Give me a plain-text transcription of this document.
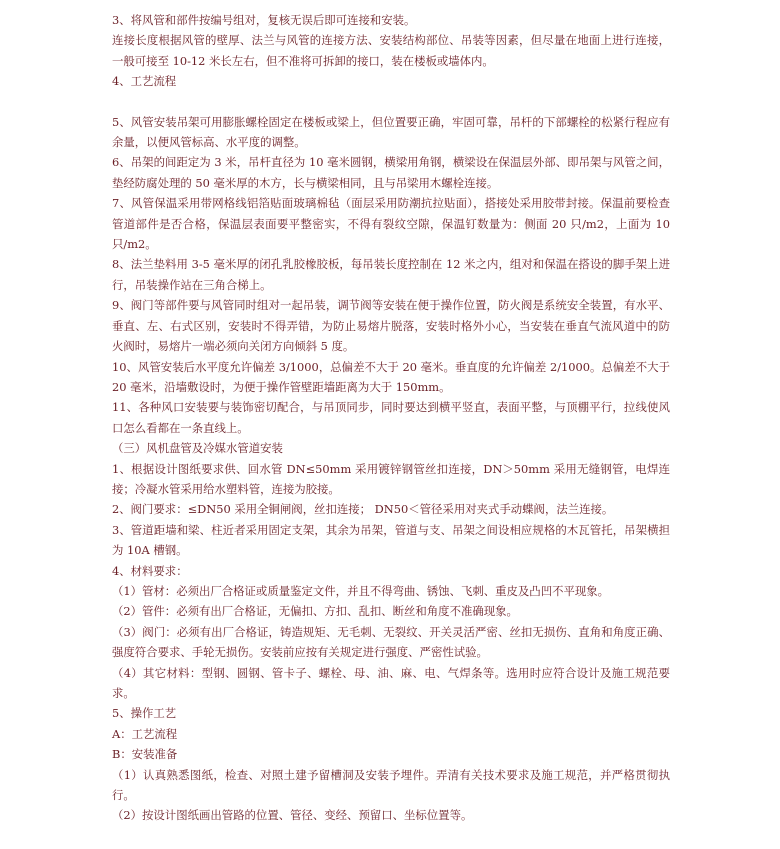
3、将风管和部件按编号组对，复核无误后即可连接和安装。

连接长度根据风管的壁厚、法兰与风管的连接方法、安装结构部位、吊装等因素，但尽量在地面上进行连接，一般可接至 10-12 米长左右，但不准将可拆卸的接口，装在楼板或墙体内。

4、工艺流程

5、风管安装吊架可用膨胀螺栓固定在楼板或梁上，但位置要正确，牢固可靠，吊杆的下部螺栓的松紧行程应有余量，以便风管标高、水平度的调整。

6、吊架的间距定为 3 米，吊杆直径为 10 毫米圆钢，横梁用角钢，横梁设在保温层外部、即吊架与风管之间，垫经防腐处理的 50 毫米厚的木方，长与横梁相同，且与吊梁用木螺栓连接。

7、风管保温采用带网格线铝箔贴面玻璃棉毡（面层采用防潮抗拉贴面），搭接处采用胶带封接。保温前要检查管道部件是否合格，保温层表面要平整密实，不得有裂纹空隙，保温钉数量为：侧面 20 只/m2，上面为 10 只/m2。

8、法兰垫料用 3-5 毫米厚的闭孔乳胶橡胶板，每吊装长度控制在 12 米之内，组对和保温在搭设的脚手架上进行，吊装操作站在三角合梯上。

9、阀门等部件要与风管同时组对一起吊装，调节阀等安装在便于操作位置，防火阀是系统安全装置，有水平、垂直、左、右式区别，安装时不得弄错，为防止易熔片脱落，安装时格外小心，当安装在垂直气流风道中的防火阀时，易熔片一端必须向关闭方向倾斜 5 度。

10、风管安装后水平度允许偏差 3/1000，总偏差不大于 20 毫米。垂直度的允许偏差 2/1000。总偏差不大于 20 毫米，沿墙敷设时，为便于操作管壁距墙距离为大于 150mm。

11、各种风口安装要与装饰密切配合，与吊顶同步，同时要达到横平竖直，表面平整，与顶棚平行，拉线使风口怎么看都在一条直线上。

（三）风机盘管及冷媒水管道安装

1、根据设计图纸要求供、回水管 DN≤50mm 采用镀锌钢管丝扣连接，DN＞50mm 采用无缝钢管，电焊连接；冷凝水管采用给水塑料管，连接为胶接。

2、阀门要求：≤DN50 采用全铜闸阀，丝扣连接； DN50＜管径采用对夹式手动蝶阀，法兰连接。

3、管道距墙和梁、柱近者采用固定支架，其余为吊架，管道与支、吊架之间设相应规格的木瓦管托，吊架横担为 10A 槽钢。

4、材料要求：

（1）管材：必须出厂合格证或质量鉴定文件，并且不得弯曲、锈蚀、飞刺、重皮及凸凹不平现象。

（2）管件：必须有出厂合格证，无偏扣、方扣、乱扣、断丝和角度不准确现象。

（3）阀门：必须有出厂合格证，铸造规矩、无毛刺、无裂纹、开关灵活严密、丝扣无损伤、直角和角度正确、强度符合要求、手轮无损伤。安装前应按有关规定进行强度、严密性试验。

（4）其它材料：型钢、圆钢、管卡子、螺栓、母、油、麻、电、气焊条等。选用时应符合设计及施工规范要求。

5、操作工艺

A：工艺流程

B：安装准备

（1）认真熟悉图纸，检查、对照土建予留槽洞及安装予埋件。弄清有关技术要求及施工规范，并严格贯彻执行。

（2）按设计图纸画出管路的位置、管径、变经、预留口、坐标位置等。
